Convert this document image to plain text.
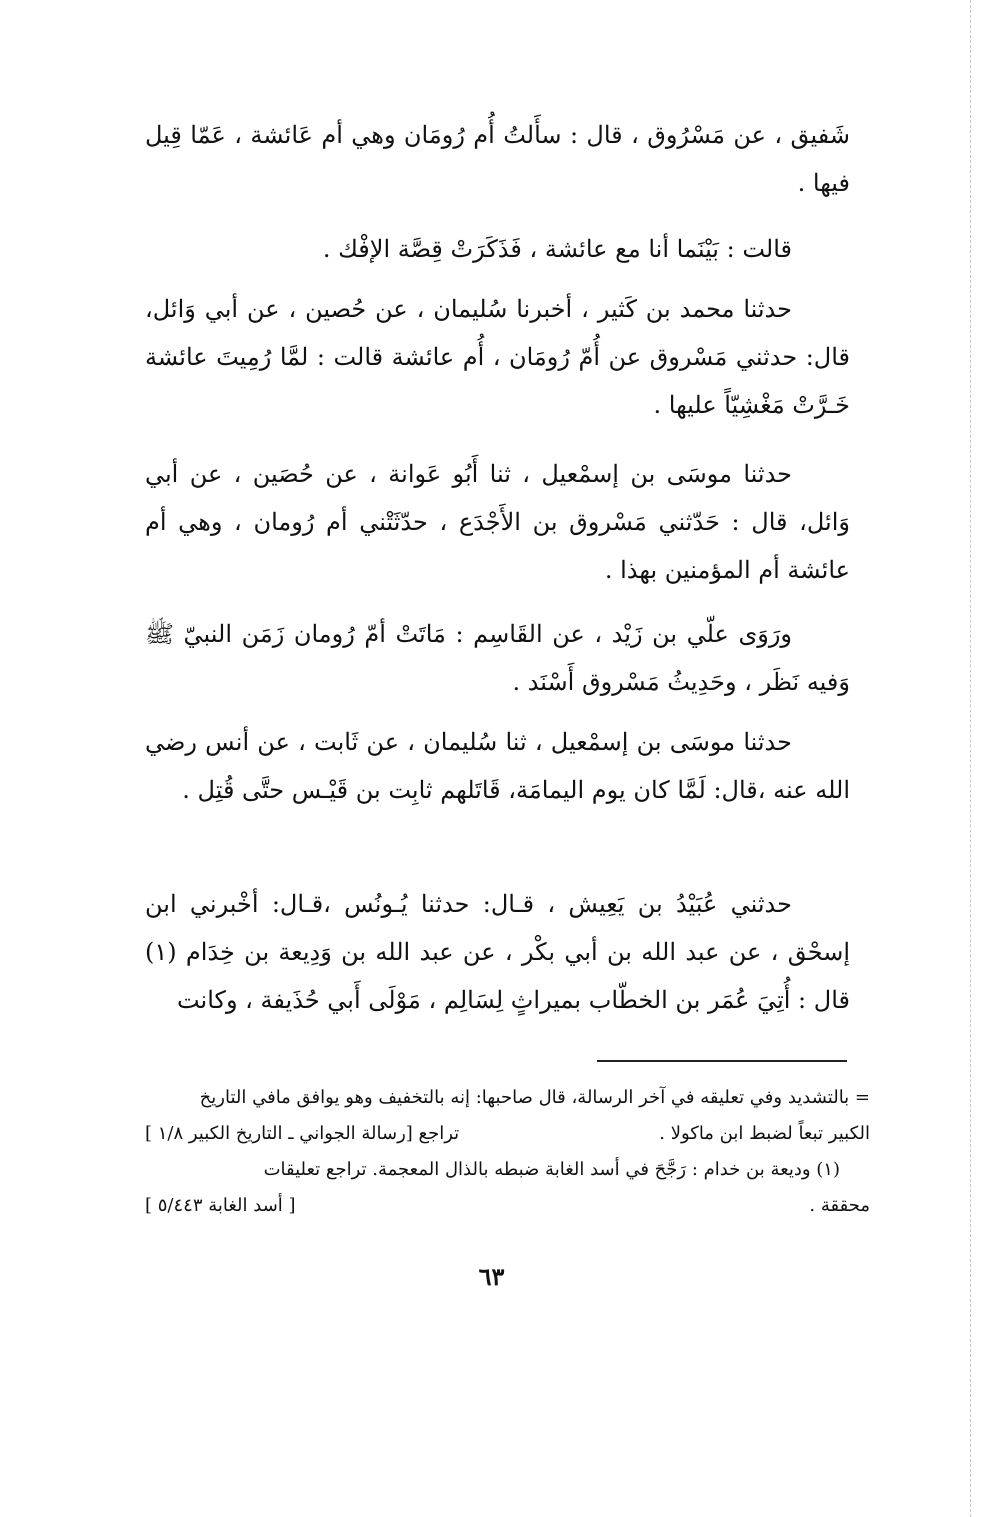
شَفيق ، عن مَسْرُوق ، قال : سأَلتُ أُم رُومَان وهي أم عَائشة ، عَمّا قِيل فيها .

قالت : بَيْنَما أنا مع عائشة ، فَذَكَرَتْ قِصَّة الإفْك .

حدثنا محمد بن كَثير ، أخبرنا سُليمان ، عن حُصين ، عن أبي وَائل، قال: حدثني مَسْروق عن أُمّ رُومَان ، أُم عائشة قالت : لمَّا رُمِيتَ عائشة خَـرَّتْ مَغْشِيّاً عليها .

حدثنا موسَى بن إسمْعيل ، ثنا أَبُو عَوانة ، عن حُصَين ، عن أبي وَائل، قال : حَدّثني مَسْروق بن الأَجْدَع ، حدّثَتْني أم رُومان ، وهي أم عائشة أم المؤمنين بهذا .

ورَوَى علّي بن زَيْد ، عن القَاسِم : مَاتَتْ أمّ رُومان زَمَن النبيّ ﷺ وَفيه نَظَر ، وحَدِيثُ مَسْروق أَسْنَد .

حدثنا موسَى بن إسمْعيل ، ثنا سُليمان ، عن ثَابت ، عن أنس رضي الله عنه ،قال: لَمَّا كان يوم اليمامَة، قَاتَلهم ثابِت بن قَيْـس حتَّى قُتِل .

حدثني عُبَيْدُ بن يَعِيش ، قـال: حدثنا يُـونُس ،قـال: أخْبرني ابن إسحْق ، عن عبد الله بن أبي بكْر ، عن عبد الله بن وَدِيعة بن خِدَام (١) قال : أُتِيَ عُمَر بن الخطّاب بميراثٍ لِسَالِم ، مَوْلَى أَبي حُذَيفة ، وكانت

= بالتشديد وفي تعليقه في آخر الرسالة، قال صاحبها: إنه بالتخفيف وهو يوافق مافي التاريخ

الكبير تبعاً لضبط ابن ماكولا .
تراجع [رسالة الجواني ـ التاريخ الكبير ١/٨ ]

(١) وديعة بن خدام : رَجَّحَ في أسد الغابة ضبطه بالذال المعجمة. تراجع تعليقات

محققة .
[ أسد الغابة ٥/٤٤٣ ]

٦٣
